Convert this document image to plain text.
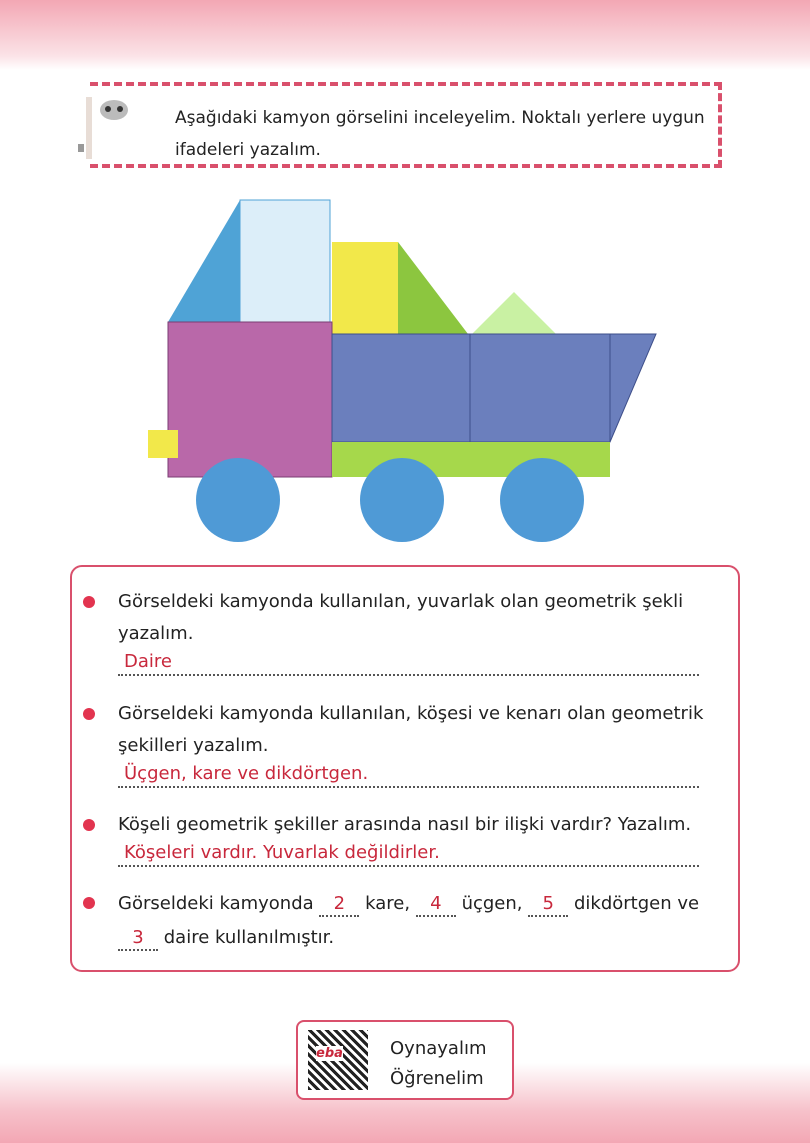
Aşağıdaki kamyon görselini inceleyelim. Noktalı yerlere uygun ifadeleri yazalım.
Görseldeki kamyonda kullanılan, yuvarlak olan geometrik şekli yazalım.
Daire
Görseldeki kamyonda kullanılan, köşesi ve kenarı olan geometrik şekilleri yazalım.
Üçgen, kare ve dikdörtgen.
Köşeli geometrik şekiller arasında nasıl bir ilişki vardır? Yazalım.
Köşeleri vardır. Yuvarlak değildirler.
Görseldeki kamyonda 2 kare, 4 üçgen, 5 dikdörtgen ve
3 daire kullanılmıştır.
eba	Oynayalım
Öğrenelim
